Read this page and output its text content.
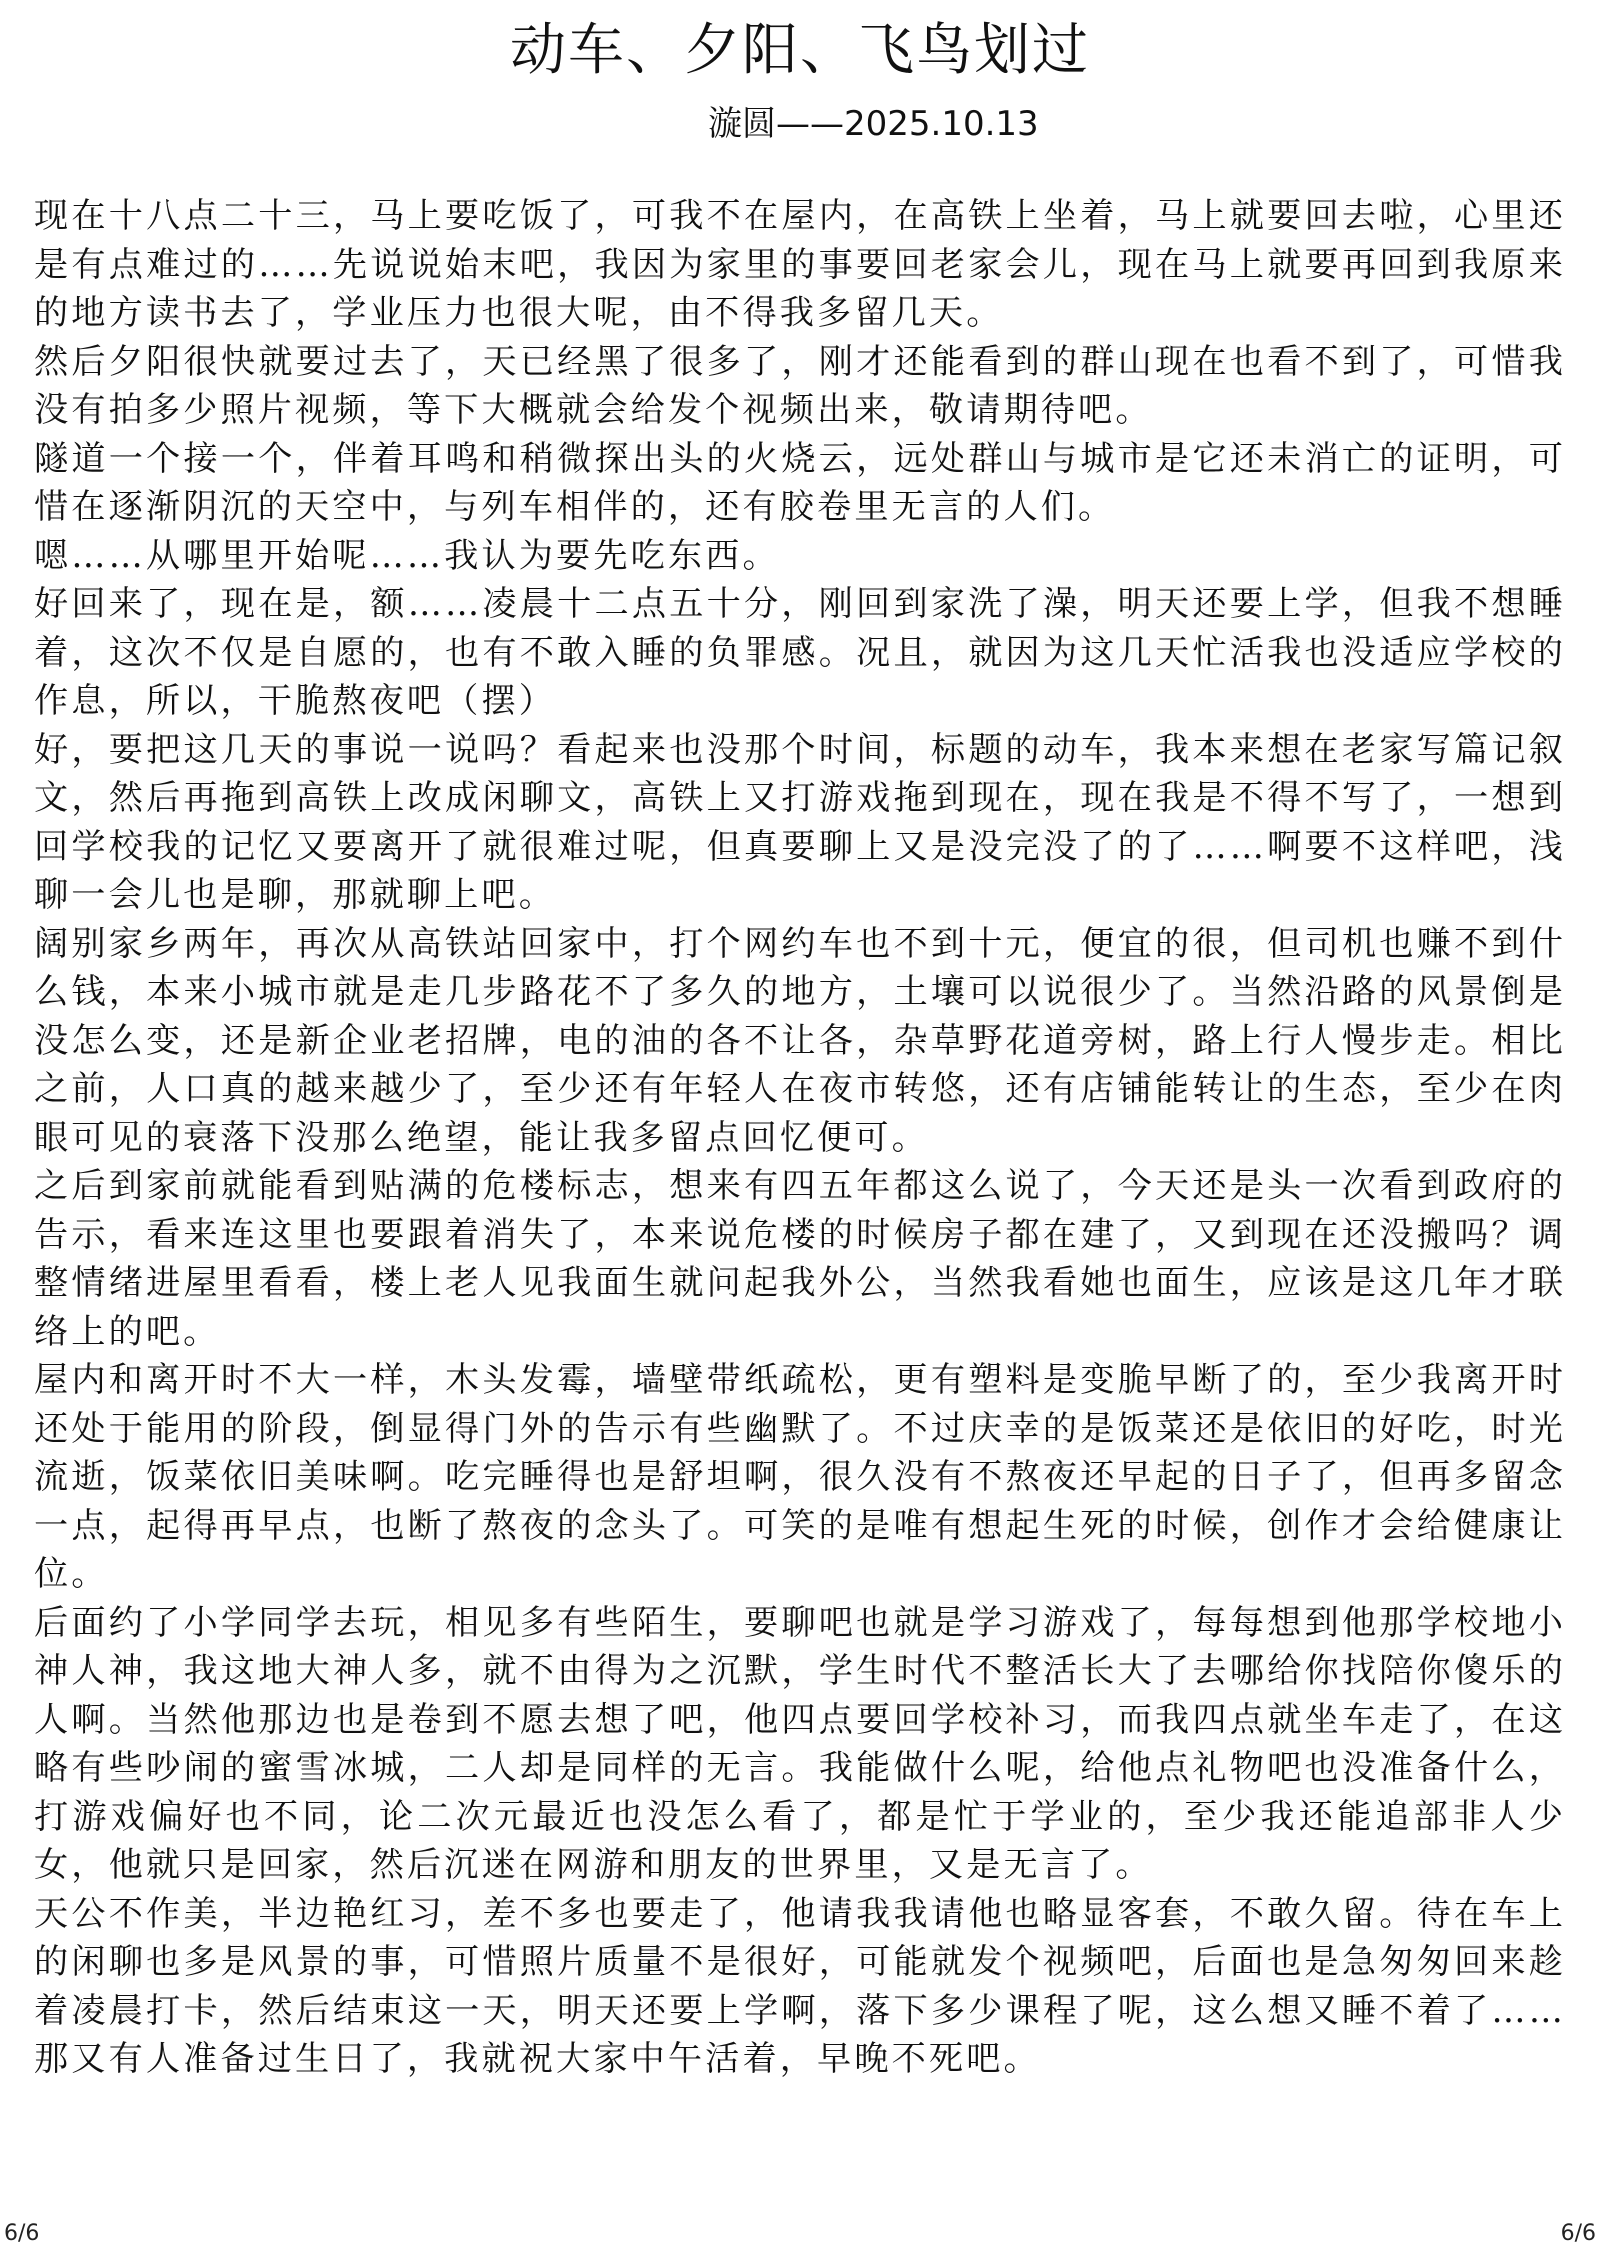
动车、夕阳、飞鸟划过
漩圆——2025.10.13

现在十八点二十三，马上要吃饭了，可我不在屋内，在高铁上坐着，马上就要回去啦，心里还是有点难过的……先说说始末吧，我因为家里的事要回老家会儿，现在马上就要再回到我原来的地方读书去了，学业压力也很大呢，由不得我多留几天。

然后夕阳很快就要过去了，天已经黑了很多了，刚才还能看到的群山现在也看不到了，可惜我没有拍多少照片视频，等下大概就会给发个视频出来，敬请期待吧。

隧道一个接一个，伴着耳鸣和稍微探出头的火烧云，远处群山与城市是它还未消亡的证明，可惜在逐渐阴沉的天空中，与列车相伴的，还有胶卷里无言的人们。

嗯……从哪里开始呢……我认为要先吃东西。

好回来了，现在是，额……凌晨十二点五十分，刚回到家洗了澡，明天还要上学，但我不想睡着，这次不仅是自愿的，也有不敢入睡的负罪感。况且，就因为这几天忙活我也没适应学校的作息，所以，干脆熬夜吧（摆）

好，要把这几天的事说一说吗？看起来也没那个时间，标题的动车，我本来想在老家写篇记叙文，然后再拖到高铁上改成闲聊文，高铁上又打游戏拖到现在，现在我是不得不写了，一想到回学校我的记忆又要离开了就很难过呢，但真要聊上又是没完没了的了……啊要不这样吧，浅聊一会儿也是聊，那就聊上吧。

阔别家乡两年，再次从高铁站回家中，打个网约车也不到十元，便宜的很，但司机也赚不到什么钱，本来小城市就是走几步路花不了多久的地方，土壤可以说很少了。当然沿路的风景倒是没怎么变，还是新企业老招牌，电的油的各不让各，杂草野花道旁树，路上行人慢步走。相比之前，人口真的越来越少了，至少还有年轻人在夜市转悠，还有店铺能转让的生态，至少在肉眼可见的衰落下没那么绝望，能让我多留点回忆便可。

之后到家前就能看到贴满的危楼标志，想来有四五年都这么说了，今天还是头一次看到政府的告示，看来连这里也要跟着消失了，本来说危楼的时候房子都在建了，又到现在还没搬吗？调整情绪进屋里看看，楼上老人见我面生就问起我外公，当然我看她也面生，应该是这几年才联络上的吧。

屋内和离开时不大一样，木头发霉，墙壁带纸疏松，更有塑料是变脆早断了的，至少我离开时还处于能用的阶段，倒显得门外的告示有些幽默了。不过庆幸的是饭菜还是依旧的好吃，时光流逝，饭菜依旧美味啊。吃完睡得也是舒坦啊，很久没有不熬夜还早起的日子了，但再多留念一点，起得再早点，也断了熬夜的念头了。可笑的是唯有想起生死的时候，创作才会给健康让位。

后面约了小学同学去玩，相见多有些陌生，要聊吧也就是学习游戏了，每每想到他那学校地小神人神，我这地大神人多，就不由得为之沉默，学生时代不整活长大了去哪给你找陪你傻乐的人啊。当然他那边也是卷到不愿去想了吧，他四点要回学校补习，而我四点就坐车走了，在这略有些吵闹的蜜雪冰城，二人却是同样的无言。我能做什么呢，给他点礼物吧也没准备什么，打游戏偏好也不同，论二次元最近也没怎么看了，都是忙于学业的，至少我还能追部非人少女，他就只是回家，然后沉迷在网游和朋友的世界里，又是无言了。

天公不作美，半边艳红习，差不多也要走了，他请我我请他也略显客套，不敢久留。待在车上的闲聊也多是风景的事，可惜照片质量不是很好，可能就发个视频吧，后面也是急匆匆回来趁着凌晨打卡，然后结束这一天，明天还要上学啊，落下多少课程了呢，这么想又睡不着了……那又有人准备过生日了，我就祝大家中午活着，早晚不死吧。

6/6	6/6
